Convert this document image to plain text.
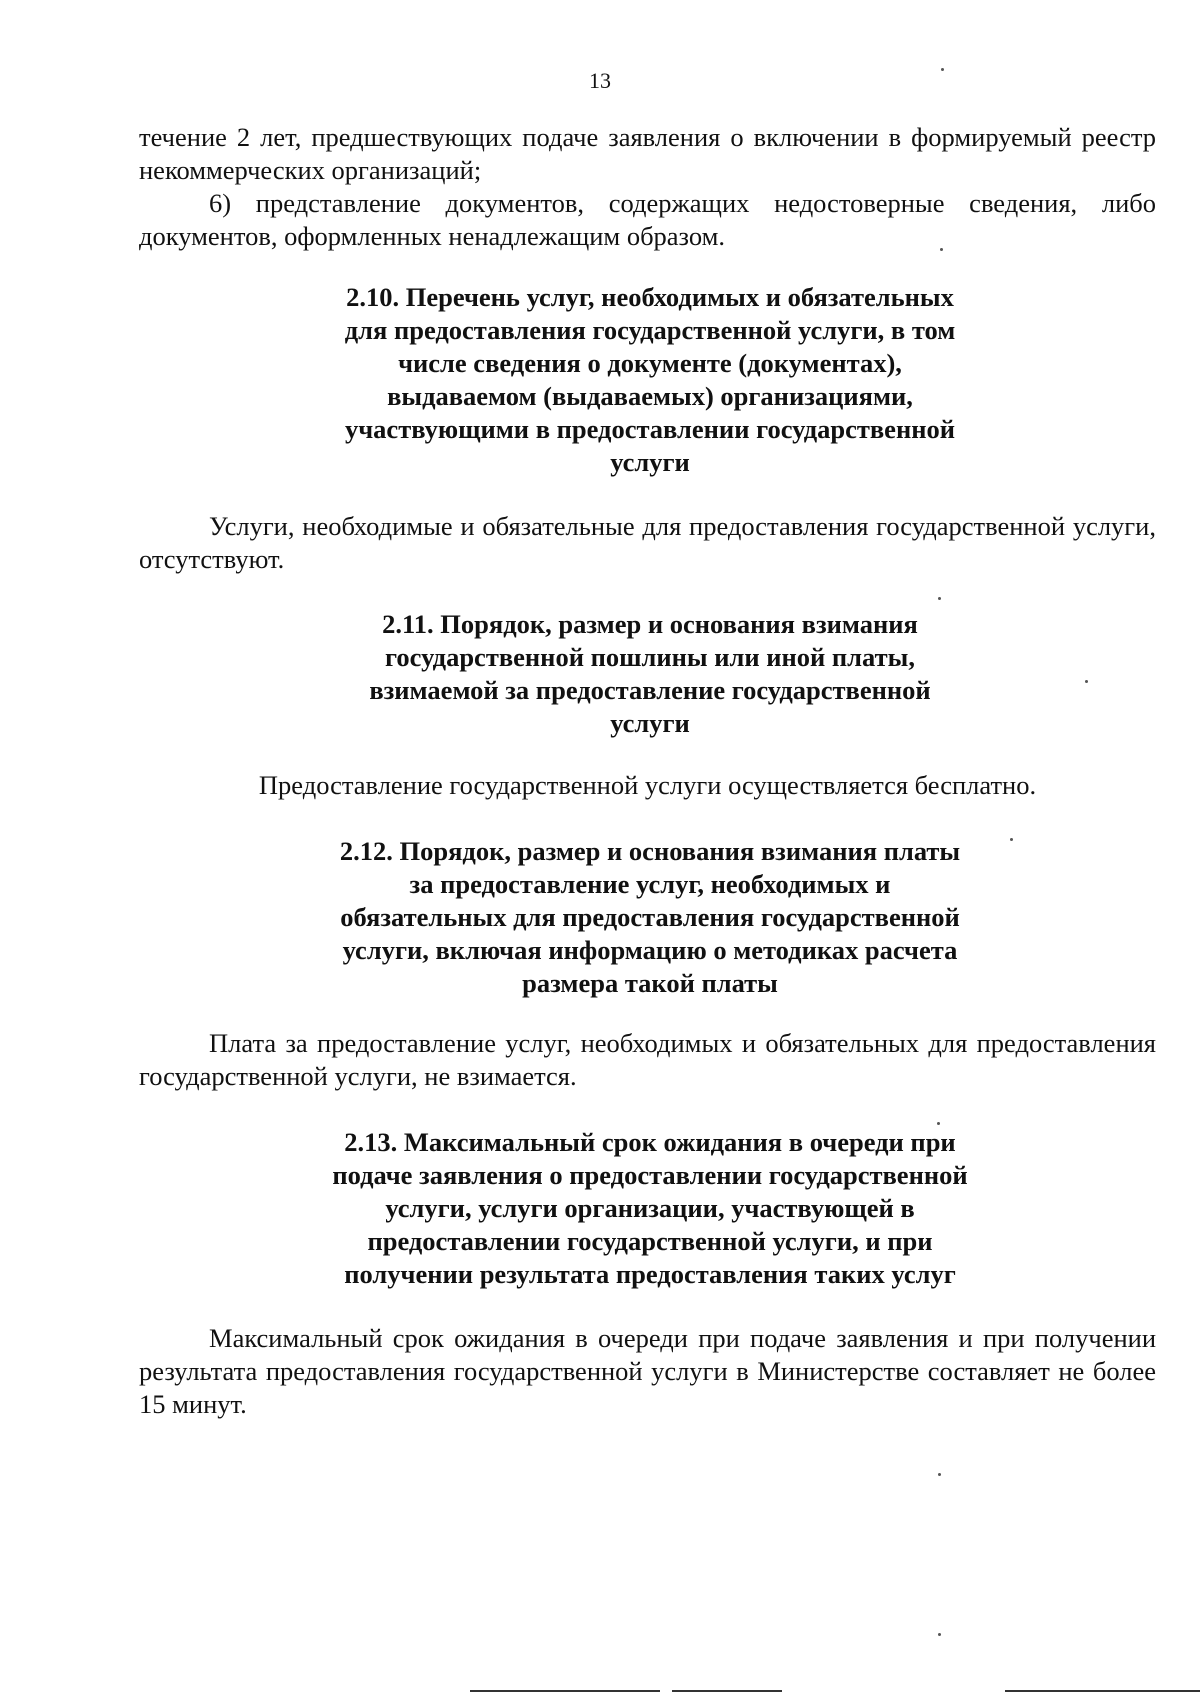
13

течение 2 лет, предшествующих подаче заявления о включении в формируемый реестр некоммерческих организаций;

6) представление документов, содержащих недостоверные сведения, либо документов, оформленных ненадлежащим образом.

2.10. Перечень услуг, необходимых и обязательных
для предоставления государственной услуги, в том
числе сведения о документе (документах),
выдаваемом (выдаваемых) организациями,
участвующими в предоставлении государственной
услуги

Услуги, необходимые и обязательные для предоставления государственной услуги, отсутствуют.

2.11. Порядок, размер и основания взимания
государственной пошлины или иной платы,
взимаемой за предоставление государственной
услуги

Предоставление государственной услуги осуществляется бесплатно.

2.12. Порядок, размер и основания взимания платы
за предоставление услуг, необходимых и
обязательных для предоставления государственной
услуги, включая информацию о методиках расчета
размера такой платы

Плата за предоставление услуг, необходимых и обязательных для предоставления государственной услуги, не взимается.

2.13. Максимальный срок ожидания в очереди при
подаче заявления о предоставлении государственной
услуги, услуги организации, участвующей в
предоставлении государственной услуги, и при
получении результата предоставления таких услуг

Максимальный срок ожидания в очереди при подаче заявления и при получении результата предоставления государственной услуги в Министерстве составляет не более 15 минут.
